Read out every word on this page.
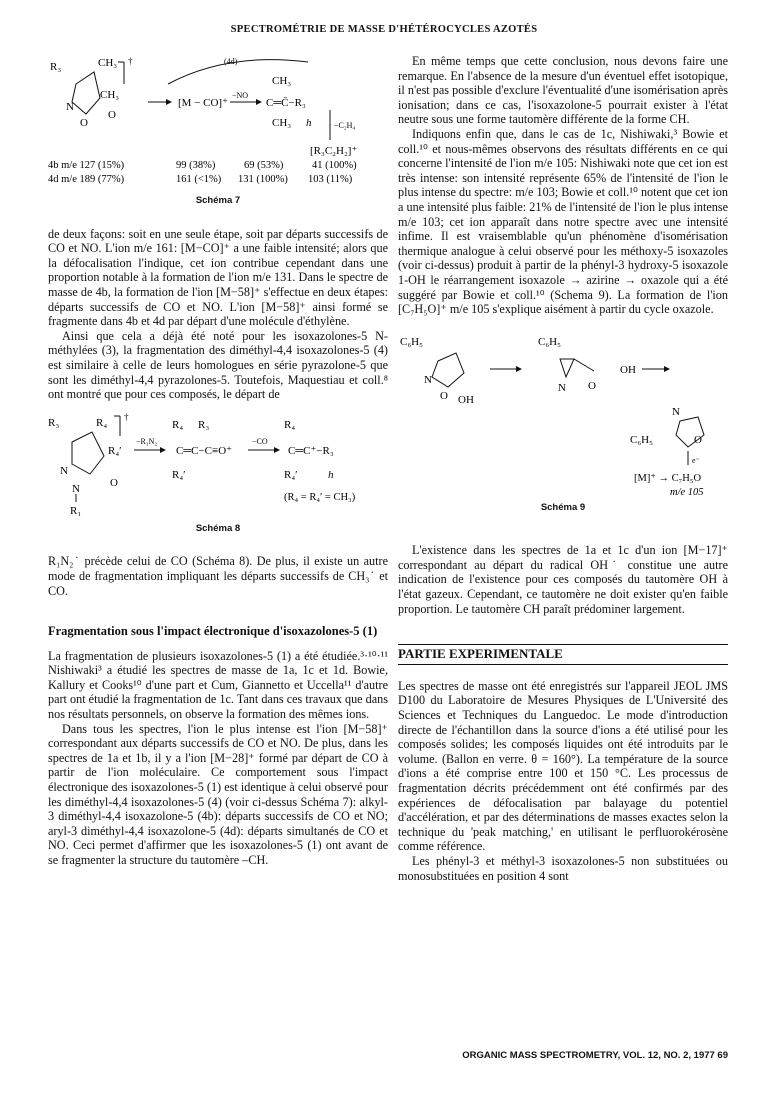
SPECTROMÉTRIE DE MASSE D'HÉTÉROCYCLES AZOTÉS
R₃	CH₃
CH₃
N
O
O
†	(4d)
[M − CO]⁺
−NO
CH₃
C═C̄−R₃
CH₃ h	−C₂H₄
[R₃C₂H₂]⁺
4b m/e 127 (15%)	99 (38%)	69 (53%)	41 (100%)
4d m/e 189 (77%)	161 (<1%) 131 (100%) 103 (11%)
Schéma 7

de deux façons: soit en une seule étape, soit par départs successifs de CO et NO. L'ion m/e 161: [M−CO]⁺ a une faible intensité; alors que la défocalisation l'indique, cet ion contribue cependant dans une proportion notable à la formation de l'ion m/e 131. Dans le spectre de masse de 4b, la formation de l'ion [M−58]⁺ s'effectue en deux étapes: départs successifs de CO et NO. L'ion [M−58]⁺ ainsi formé se fragmente dans 4b et 4d par départ d'une molécule d'éthylène.

Ainsi que cela a déjà été noté pour les isoxazolones-5 N-méthylées (3), la fragmentation des diméthyl-4,4 isoxazolones-5 (4) est similaire à celle de leurs homologues en série pyrazolone-5 que sont les diméthyl-4,4 pyrazolones-5. Toutefois, Maquestiau et coll.⁸ ont montré que pour ces composés, le départ de

R₃	R₄ †
R₄′
N
N	O
R₁
−R₁N₂
R₄ R₃
C═C−C≡O⁺
R₄′
−CO
R₄
C═C⁺−R₃
R₄′	h
(R₄ = R₄′ = CH₃)
Schéma 8

R₁N₂˙ précède celui de CO (Schéma 8). De plus, il existe un autre mode de fragmentation impliquant les départs successifs de CH₃˙ et CO.

Fragmentation sous l'impact électronique d'isoxazolones-5 (1)

La fragmentation de plusieurs isoxazolones-5 (1) a été étudiée.³·¹⁰·¹¹ Nishiwaki³ a étudié les spectres de masse de 1a, 1c et 1d. Bowie, Kallury et Cooks¹⁰ d'une part et Cum, Giannetto et Uccella¹¹ d'autre part ont étudié la fragmentation de 1c. Tant dans ces travaux que dans nos résultats personnels, on observe la formation des mêmes ions.

Dans tous les spectres, l'ion le plus intense est l'ion [M−58]⁺ correspondant aux départs successifs de CO et NO. De plus, dans les spectres de 1a et 1b, il y a l'ion [M−28]⁺ formé par départ de CO à partir de l'ion moléculaire. Ce comportement sous l'impact électronique des isoxazolones-5 (1) est identique à celui observé pour les diméthyl-4,4 isoxazolones-5 (4) (voir ci-dessus Schéma 7): alkyl-3 diméthyl-4,4 isoxazolone-5 (4b): départs successifs de CO et NO; aryl-3 diméthyl-4,4 isoxazolone-5 (4d): départs simultanés de CO et NO. Ceci permet d'affirmer que les isoxazolones-5 (1) ont avant de se fragmenter la structure du tautomère –CH.

En même temps que cette conclusion, nous devons faire une remarque. En l'absence de la mesure d'un éventuel effet isotopique, il n'est pas possible d'exclure l'éventualité d'une isomérisation après ionisation; dans ce cas, l'isoxazolone-5 pourrait exister à l'état neutre sous une forme tautomère différente de la forme CH.

Indiquons enfin que, dans le cas de 1c, Nishiwaki,³ Bowie et coll.¹⁰ et nous-mêmes observons des résultats différents en ce qui concerne l'intensité de l'ion m/e 105: Nishiwaki note que cet ion est très intense: son intensité représente 65% de l'intensité de l'ion le plus intense du spectre: m/e 103; Bowie et coll.¹⁰ notent que cet ion a une intensité plus faible: 21% de l'intensité de l'ion le plus intense m/e 103; cet ion apparaît dans notre spectre avec une intensité infime. Il est vraisemblable qu'un phénomène d'isomérisation thermique analogue à celui observé pour les méthoxy-5 isoxazoles (voir ci-dessus) produit à partir de la phényl-3 hydroxy-5 isoxazole 1-OH le réarrangement isoxazole → azirine → oxazole qui a été suggéré par Bowie et coll.¹⁰ (Schema 9). La formation de l'ion [C₇H₅O]⁺ m/e 105 s'explique aisément à partir du cycle oxazole.

C₆H₅
N
O OH
C₆H₅
N O
OH
N
O
C₆H₅
e⁻
[M]⁺ → C₇H₅O
m/e 105
Schéma 9

L'existence dans les spectres de 1a et 1c d'un ion [M−17]⁺ correspondant au départ du radical OH˙ constitue une autre indication de l'existence pour ces composés du tautomère OH à l'état gazeux. Cependant, ce tautomère ne doit exister qu'en faible proportion. Le tautomère CH paraît prédominer largement.

PARTIE EXPERIMENTALE

Les spectres de masse ont été enregistrés sur l'appareil JEOL JMS D100 du Laboratoire de Mesures Physiques de L'Université des Sciences et Techniques du Languedoc. Le mode d'introduction directe de l'échantillon dans la source d'ions a été utilisé pour les composés solides; les composés liquides ont été introduits par le volume. (Ballon en verre. θ = 160°). La température de la source d'ions a été comprise entre 100 et 150 °C. Les processus de fragmentation décrits précédemment ont été confirmés par des expériences de défocalisation par balayage du potentiel d'accélération, et par des déterminations de masses exactes selon la technique du 'peak matching,' en utilisant le perfluorokérosène comme référence.

Les phényl-3 et méthyl-3 isoxazolones-5 non substituées ou monosubstituées en position 4 sont

ORGANIC MASS SPECTROMETRY, VOL. 12, NO. 2, 1977 69
